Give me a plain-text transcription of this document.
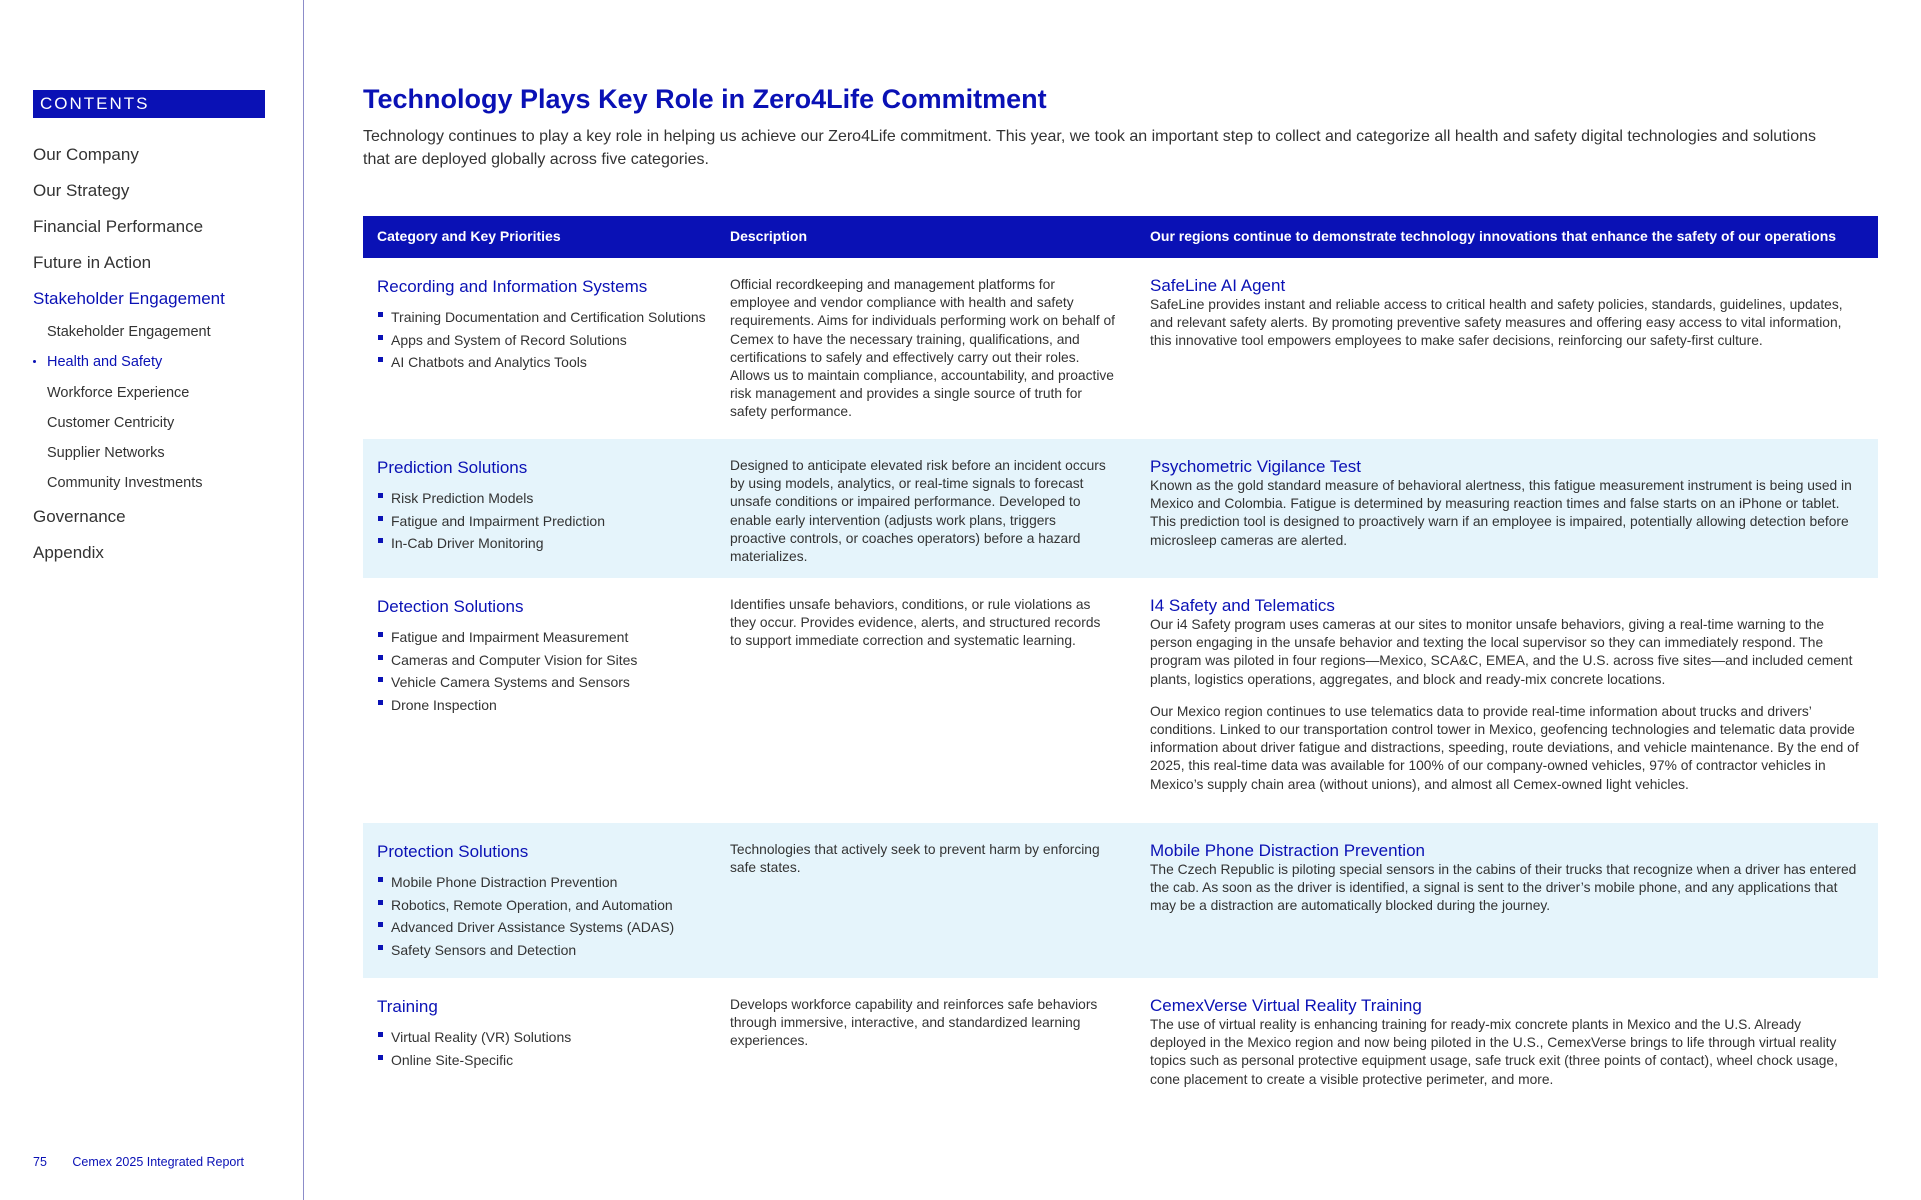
CONTENTS
Our Company
Our Strategy
Financial Performance
Future in Action
Stakeholder Engagement
Stakeholder Engagement
Health and Safety
Workforce Experience
Customer Centricity
Supplier Networks
Community Investments
Governance
Appendix
75 Cemex 2025 Integrated Report
Technology Plays Key Role in Zero4Life Commitment

Technology continues to play a key role in helping us achieve our Zero4Life commitment. This year, we took an important step to collect and categorize all health and safety digital technologies and solutions that are deployed globally across five categories.

Category and Key Priorities	Description	Our regions continue to demonstrate technology innovations that enhance the safety of our operations
Recording and Information Systems
Training Documentation and Certification Solutions
Apps and System of Record Solutions
AI Chatbots and Analytics Tools
Official recordkeeping and management platforms for employee and vendor compliance with health and safety requirements. Aims for individuals performing work on behalf of Cemex to have the necessary training, qualifications, and certifications to safely and effectively carry out their roles. Allows us to maintain compliance, accountability, and proactive risk management and provides a single source of truth for safety performance.
SafeLine AI Agent

SafeLine provides instant and reliable access to critical health and safety policies, standards, guidelines, updates, and relevant safety alerts. By promoting preventive safety measures and offering easy access to vital information, this innovative tool empowers employees to make safer decisions, reinforcing our safety-first culture.

Prediction Solutions
Risk Prediction Models
Fatigue and Impairment Prediction
In-Cab Driver Monitoring
Designed to anticipate elevated risk before an incident occurs by using models, analytics, or real-time signals to forecast unsafe conditions or impaired performance. Developed to enable early intervention (adjusts work plans, triggers proactive controls, or coaches operators) before a hazard materializes.
Psychometric Vigilance Test

Known as the gold standard measure of behavioral alertness, this fatigue measurement instrument is being used in Mexico and Colombia. Fatigue is determined by measuring reaction times and false starts on an iPhone or tablet. This prediction tool is designed to proactively warn if an employee is impaired, potentially allowing detection before microsleep cameras are alerted.

Detection Solutions
Fatigue and Impairment Measurement
Cameras and Computer Vision for Sites
Vehicle Camera Systems and Sensors
Drone Inspection
Identifies unsafe behaviors, conditions, or rule violations as they occur. Provides evidence, alerts, and structured records to support immediate correction and systematic learning.
I4 Safety and Telematics

Our i4 Safety program uses cameras at our sites to monitor unsafe behaviors, giving a real-time warning to the person engaging in the unsafe behavior and texting the local supervisor so they can immediately respond. The program was piloted in four regions—Mexico, SCA&C, EMEA, and the U.S. across five sites—and included cement plants, logistics operations, aggregates, and block and ready-mix concrete locations.

Our Mexico region continues to use telematics data to provide real-time information about trucks and drivers’ conditions. Linked to our transportation control tower in Mexico, geofencing technologies and telematic data provide information about driver fatigue and distractions, speeding, route deviations, and vehicle maintenance. By the end of 2025, this real-time data was available for 100% of our company-owned vehicles, 97% of contractor vehicles in Mexico’s supply chain area (without unions), and almost all Cemex-owned light vehicles.

Protection Solutions
Mobile Phone Distraction Prevention
Robotics, Remote Operation, and Automation
Advanced Driver Assistance Systems (ADAS)
Safety Sensors and Detection
Technologies that actively seek to prevent harm by enforcing safe states.
Mobile Phone Distraction Prevention

The Czech Republic is piloting special sensors in the cabins of their trucks that recognize when a driver has entered the cab. As soon as the driver is identified, a signal is sent to the driver’s mobile phone, and any applications that may be a distraction are automatically blocked during the journey.

Training
Virtual Reality (VR) Solutions
Online Site-Specific
Develops workforce capability and reinforces safe behaviors through immersive, interactive, and standardized learning experiences.
CemexVerse Virtual Reality Training

The use of virtual reality is enhancing training for ready-mix concrete plants in Mexico and the U.S. Already deployed in the Mexico region and now being piloted in the U.S., CemexVerse brings to life through virtual reality topics such as personal protective equipment usage, safe truck exit (three points of contact), wheel chock usage, cone placement to create a visible protective perimeter, and more.
